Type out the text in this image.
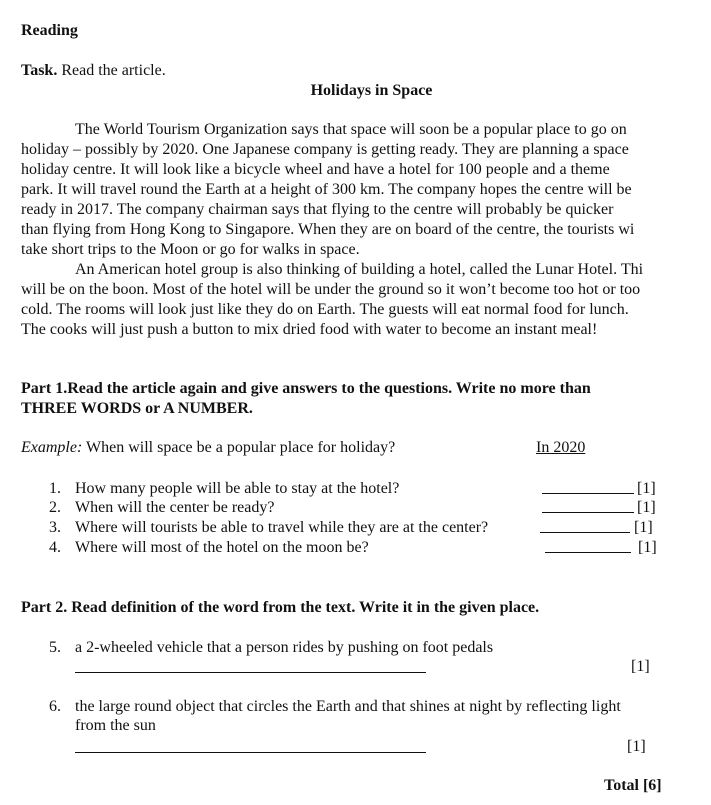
Reading
Task. Read the article.
Holidays in Space
The World Tourism Organization says that space will soon be a popular place to go on
holiday – possibly by 2020. One Japanese company is getting ready. They are planning a space
holiday centre. It will look like a bicycle wheel and have a hotel for 100 people and a theme
park. It will travel round the Earth at a height of 300 km. The company hopes the centre will be
ready in 2017. The company chairman says that flying to the centre will probably be quicker
than flying from Hong Kong to Singapore. When they are on board of the centre, the tourists wi
take short trips to the Moon or go for walks in space.
An American hotel group is also thinking of building a hotel, called the Lunar Hotel. Thi
will be on the boon. Most of the hotel will be under the ground so it won’t become too hot or too
cold. The rooms will look just like they do on Earth. The guests will eat normal food for lunch.
The cooks will just push a button to mix dried food with water to become an instant meal!
Part 1.Read the article again and give answers to the questions. Write no more than
THREE WORDS or A NUMBER.
Example: When will space be a popular place for holiday?	In 2020
1. How many people will be able to stay at the hotel?	[1]
2. When will the center be ready?	[1]
3. Where will tourists be able to travel while they are at the center?	[1]
4. Where will most of the hotel on the moon be?	[1]
Part 2. Read definition of the word from the text. Write it in the given place.
5. a 2-wheeled vehicle that a person rides by pushing on foot pedals
[1]
6. the large round object that circles the Earth and that shines at night by reflecting light
from the sun
[1]
Total [6]
